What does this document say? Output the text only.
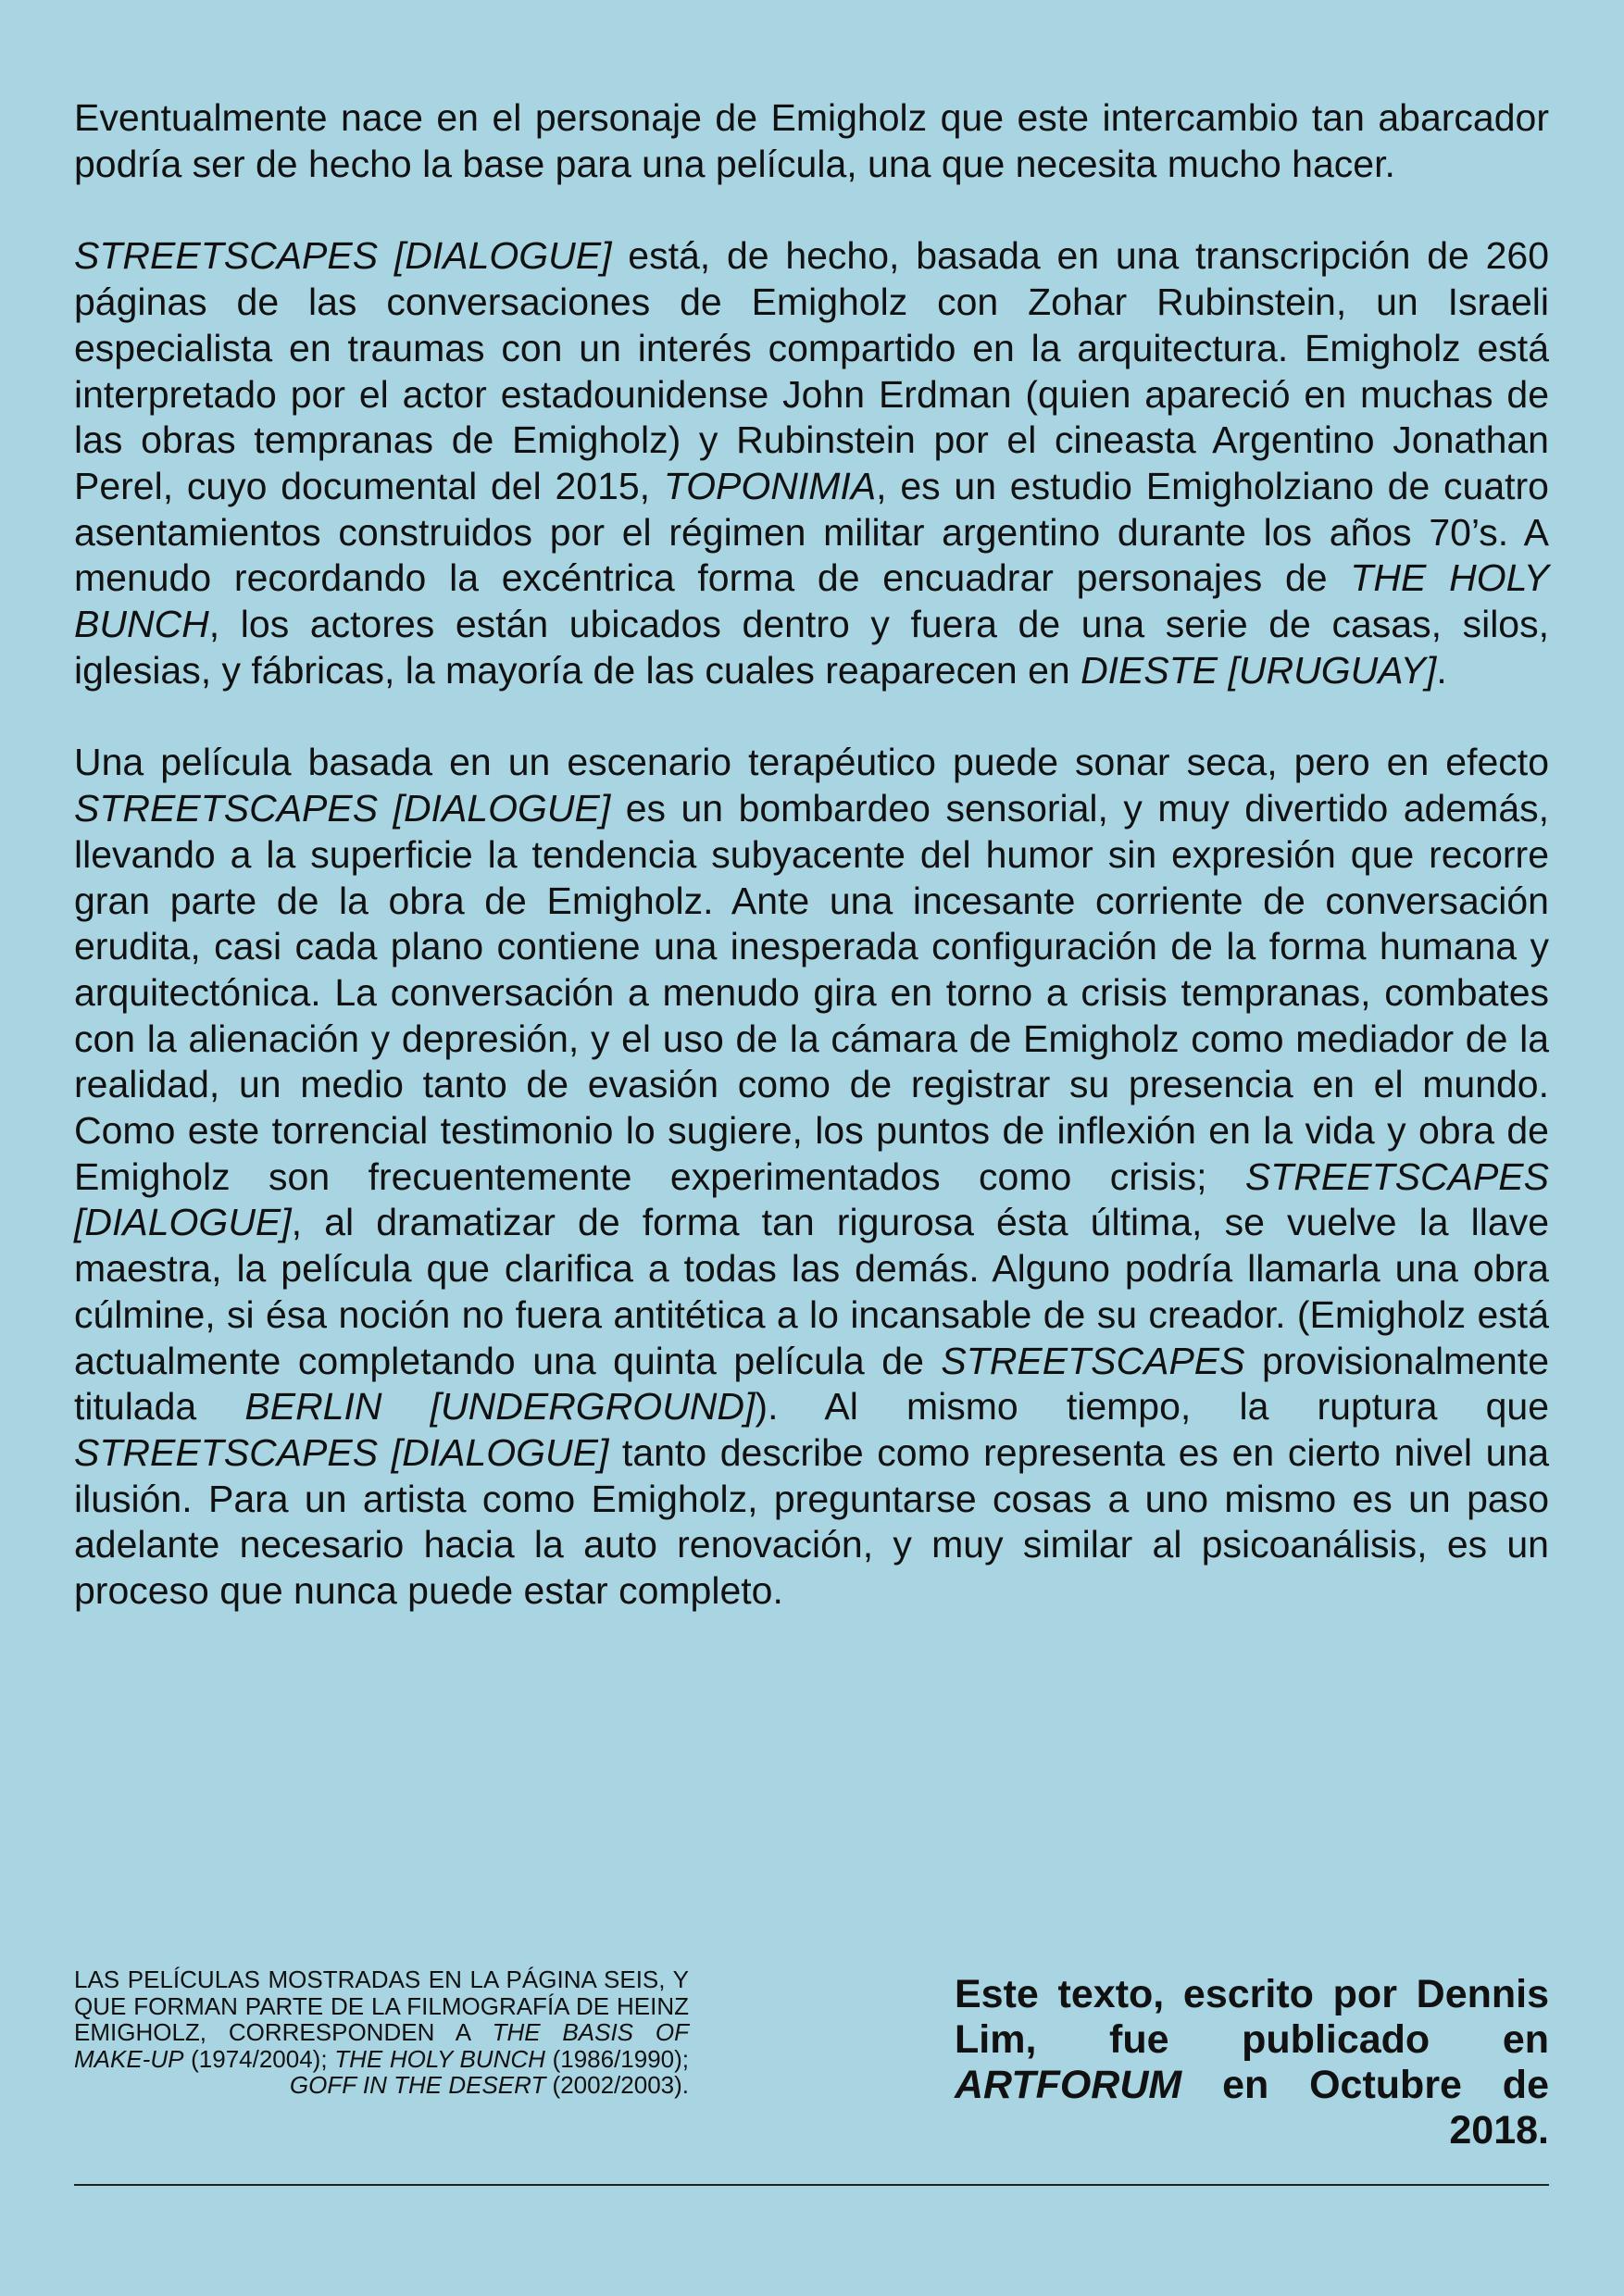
Eventualmente nace en el personaje de Emigholz que este intercambio tan abarcador podría ser de hecho la base para una película, una que necesita mucho hacer.

STREETSCAPES [DIALOGUE] está, de hecho, basada en una transcripción de 260 páginas de las conversaciones de Emigholz con Zohar Rubinstein, un Israeli especialista en traumas con un interés compartido en la arquitectura. Emigholz está interpretado por el actor estadounidense John Erdman (quien apareció en muchas de las obras tempranas de Emigholz) y Rubinstein por el cineasta Argentino Jonathan Perel, cuyo documental del 2015, TOPONIMIA, es un estudio Emigholziano de cuatro asentamientos construidos por el régimen militar argentino durante los años 70’s. A menudo recordando la excéntrica forma de encuadrar personajes de THE HOLY BUNCH, los actores están ubicados dentro y fuera de una serie de casas, silos, iglesias, y fábricas, la mayoría de las cuales reaparecen en DIESTE [URUGUAY].

Una película basada en un escenario terapéutico puede sonar seca, pero en efecto STREETSCAPES [DIALOGUE] es un bombardeo sensorial, y muy divertido además, llevando a la superficie la tendencia subyacente del humor sin expresión que recorre gran parte de la obra de Emigholz. Ante una incesante corriente de conversación erudita, casi cada plano contiene una inesperada configuración de la forma humana y arquitectónica. La conversación a menudo gira en torno a crisis tempranas, combates con la alienación y depresión, y el uso de la cámara de Emigholz como mediador de la realidad, un medio tanto de evasión como de registrar su presencia en el mundo. Como este torrencial testimonio lo sugiere, los puntos de inflexión en la vida y obra de Emigholz son frecuentemente experimentados como crisis; STREETSCAPES [DIALOGUE], al dramatizar de forma tan rigurosa ésta última, se vuelve la llave maestra, la película que clarifica a todas las demás. Alguno podría llamarla una obra cúlmine, si ésa noción no fuera antitética a lo incansable de su creador. (Emigholz está actualmente completando una quinta película de STREETSCAPES provisionalmente titulada BERLIN [UNDERGROUND]). Al mismo tiempo, la ruptura que STREETSCAPES [DIALOGUE] tanto describe como representa es en cierto nivel una ilusión. Para un artista como Emigholz, preguntarse cosas a uno mismo es un paso adelante necesario hacia la auto renovación, y muy similar al psicoanálisis, es un proceso que nunca puede estar completo.

LAS PELÍCULAS MOSTRADAS EN LA PÁGINA SEIS, Y QUE FORMAN PARTE DE LA FILMOGRAFÍA DE HEINZ EMIGHOLZ, CORRESPONDEN A THE BASIS OF MAKE-UP (1974/2004); THE HOLY BUNCH (1986/1990); GOFF IN THE DESERT (2002/2003).
Este texto, escrito por Dennis Lim, fue publicado en ARTFORUM en Octubre de 2018.
